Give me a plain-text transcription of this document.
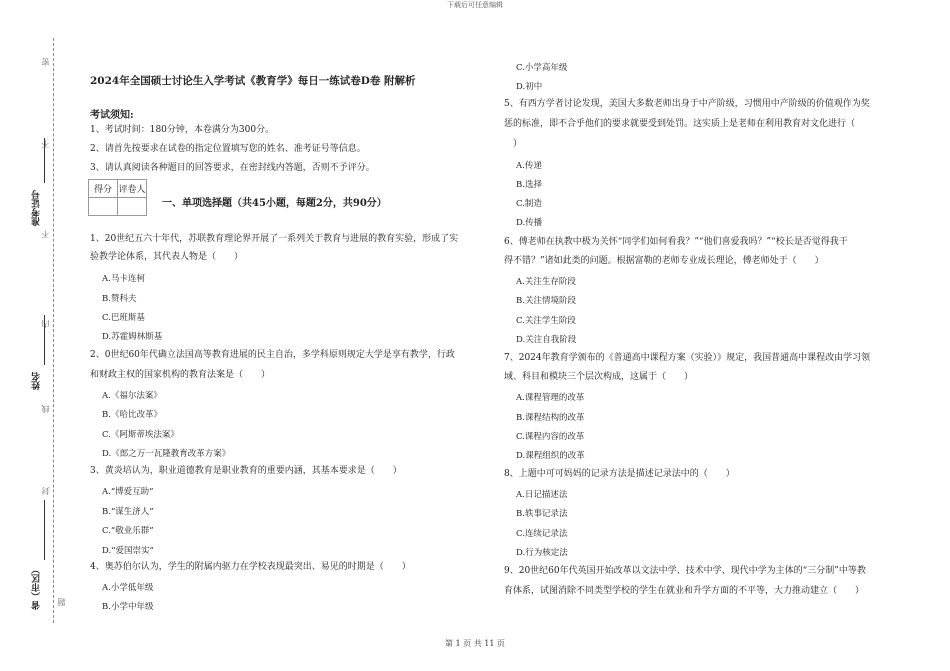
下载后可任意编辑
密
不
不
内
线
封
题
准考证号
姓名
省（市区）
2024年全国硕士讨论生入学考试《教育学》每日一练试卷D卷 附解析
考试须知:
1、考试时间：180分钟，本卷满分为300分。
2、请首先按要求在试卷的指定位置填写您的姓名、准考证号等信息。
3、请认真阅读各种题目的回答要求，在密封线内答题，否则不予评分。
得分	评卷人

一、单项选择题（共45小题，每题2分，共90分）
1、20世纪五六十年代，苏联教育理论界开展了一系列关于教育与进展的教育实验，形成了实
验教学论体系，其代表人物是（　　）
A.马卡连柯
B.赞科夫
C.巴班斯基
D.苏霍姆林斯基
2、0世纪60年代确立法国高等教育进展的民主自治，多学科原则规定大学是享有教学，行政
和财政主权的国家机构的教育法案是（　　）
A.《福尔法案》
B.《哈比改革》
C.《阿斯蒂埃法案》
D.《郎之万一瓦隆教育改革方案》
3、黄炎培认为，职业道德教育是职业教育的重要内涵，其基本要求是（　　）
A.“博爱互助”
B.“谋生济人”
C.“敬业乐群”
D.“爱国崇实”
4、奥苏伯尔认为，学生的附属内驱力在学校表现最突出、易见的时期是（　　）
A.小学低年级
B.小学中年级
C.小学高年级
D.初中
5、有西方学者讨论发现，美国大多数老师出身于中产阶级，习惯用中产阶级的价值观作为奖
惩的标准，即不合乎他们的要求就要受到处罚。这实质上是老师在利用教育对文化进行（
　）
A.传递
B.选择
C.制造
D.传播
6、傅老师在执教中极为关怀“同学们如何看我？”“他们喜爱我吗？”“校长是否觉得我干
得不错？”诸如此类的问题。根据富勒的老师专业成长理论，傅老师处于（　　）
A.关注生存阶段
B.关注情境阶段
C.关注学生阶段
D.关注自我阶段
7、2024年教育学颁布的《普通高中课程方案（实验）》规定，我国普通高中课程改由学习领
域、科目和模块三个层次构成，这属于（　　）
A.课程管理的改革
B.课程结构的改革
C.课程内容的改革
D.课程组织的改革
8、上题中可可妈妈的记录方法是描述记录法中的（　　）
A.日记描述法
B.轶事记录法
C.连续记录法
D.行为核定法
9、20世纪60年代英国开始改革以文法中学、技术中学、现代中学为主体的“三分制”中等教
育体系，试图消除不同类型学校的学生在就业和升学方面的不平等，大力推动建立（　　）
第 1 页 共 11 页
